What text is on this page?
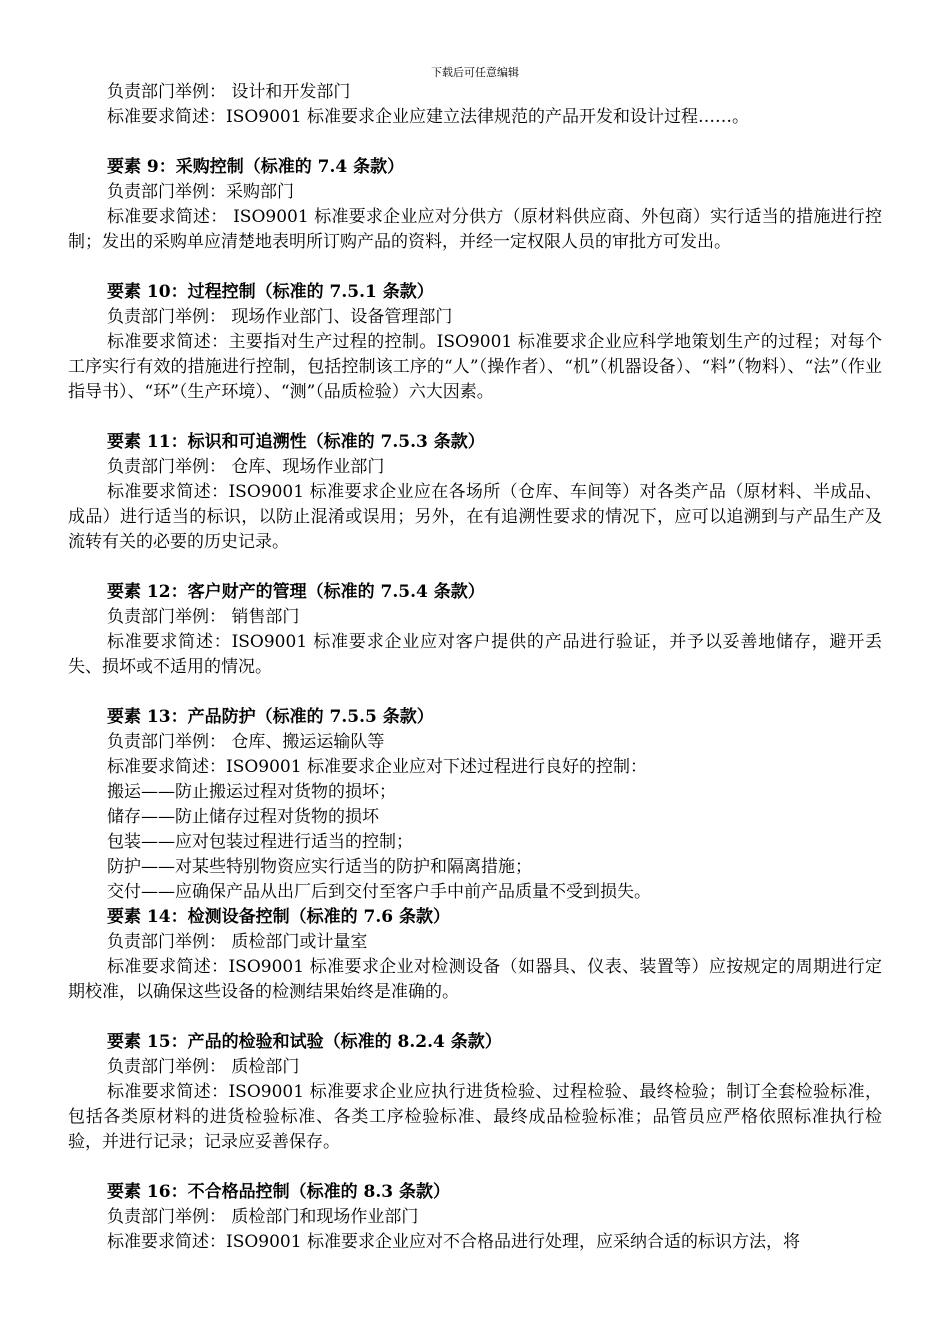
下载后可任意编辑

负责部门举例： 设计和开发部门

标准要求简述：ISO9001 标准要求企业应建立法律规范的产品开发和设计过程……。

要素 9：采购控制（标准的 7.4 条款）

负责部门举例：采购部门

标准要求简述： ISO9001 标准要求企业应对分供方（原材料供应商、外包商）实行适当的措施进行控制；发出的采购单应清楚地表明所订购产品的资料，并经一定权限人员的审批方可发出。

要素 10：过程控制（标准的 7.5.1 条款）

负责部门举例： 现场作业部门、设备管理部门

标准要求简述：主要指对生产过程的控制。ISO9001 标准要求企业应科学地策划生产的过程；对每个工序实行有效的措施进行控制，包括控制该工序的“人”（操作者）、“机”（机器设备）、“料”（物料）、“法”（作业指导书）、“环”（生产环境）、“测”（品质检验）六大因素。

要素 11：标识和可追溯性（标准的 7.5.3 条款）

负责部门举例： 仓库、现场作业部门

标准要求简述：ISO9001 标准要求企业应在各场所（仓库、车间等）对各类产品（原材料、半成品、成品）进行适当的标识，以防止混淆或误用；另外，在有追溯性要求的情况下，应可以追溯到与产品生产及流转有关的必要的历史记录。

要素 12：客户财产的管理（标准的 7.5.4 条款）

负责部门举例： 销售部门

标准要求简述：ISO9001 标准要求企业应对客户提供的产品进行验证，并予以妥善地储存，避开丢失、损坏或不适用的情况。

要素 13：产品防护（标准的 7.5.5 条款）

负责部门举例： 仓库、搬运运输队等

标准要求简述：ISO9001 标准要求企业应对下述过程进行良好的控制：

搬运——防止搬运过程对货物的损坏；

储存——防止储存过程对货物的损坏

包装——应对包装过程进行适当的控制；

防护——对某些特别物资应实行适当的防护和隔离措施；

交付——应确保产品从出厂后到交付至客户手中前产品质量不受到损失。

要素 14：检测设备控制（标准的 7.6 条款）

负责部门举例： 质检部门或计量室

标准要求简述：ISO9001 标准要求企业对检测设备（如器具、仪表、装置等）应按规定的周期进行定期校准，以确保这些设备的检测结果始终是准确的。

要素 15：产品的检验和试验（标准的 8.2.4 条款）

负责部门举例： 质检部门

标准要求简述：ISO9001 标准要求企业应执行进货检验、过程检验、最终检验；制订全套检验标准，包括各类原材料的进货检验标准、各类工序检验标准、最终成品检验标准；品管员应严格依照标准执行检验，并进行记录；记录应妥善保存。

要素 16：不合格品控制（标准的 8.3 条款）

负责部门举例： 质检部门和现场作业部门

标准要求简述：ISO9001 标准要求企业应对不合格品进行处理，应采纳合适的标识方法，将
